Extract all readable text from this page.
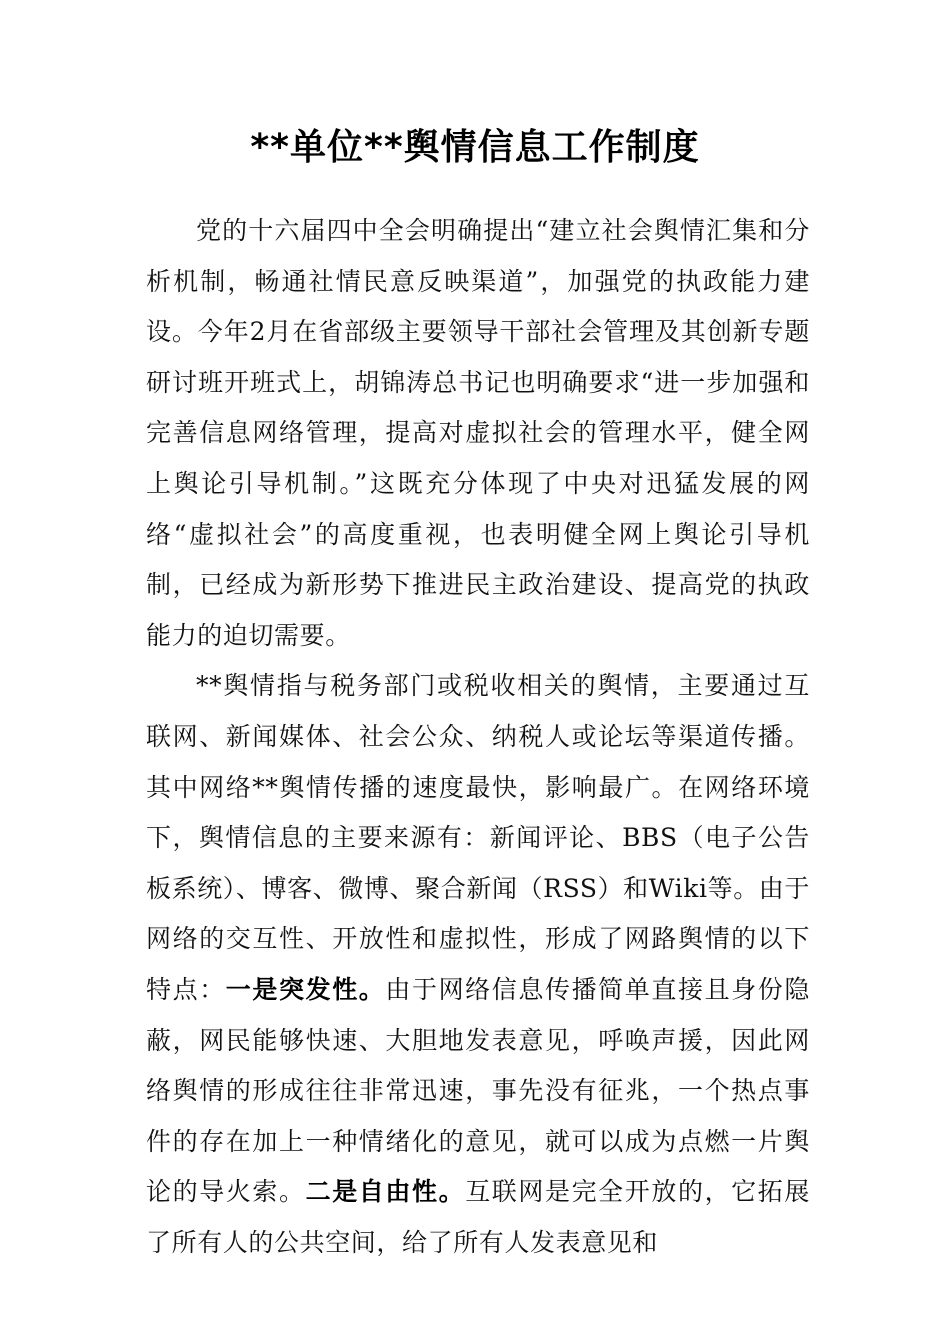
**单位**舆情信息工作制度

党的十六届四中全会明确提出“建立社会舆情汇集和分析机制，畅通社情民意反映渠道”，加强党的执政能力建设。今年2月在省部级主要领导干部社会管理及其创新专题研讨班开班式上，胡锦涛总书记也明确要求“进一步加强和完善信息网络管理，提高对虚拟社会的管理水平，健全网上舆论引导机制。”这既充分体现了中央对迅猛发展的网络“虚拟社会”的高度重视，也表明健全网上舆论引导机制，已经成为新形势下推进民主政治建设、提高党的执政能力的迫切需要。

**舆情指与税务部门或税收相关的舆情，主要通过互联网、新闻媒体、社会公众、纳税人或论坛等渠道传播。其中网络**舆情传播的速度最快，影响最广。在网络环境下，舆情信息的主要来源有：新闻评论、BBS（电子公告板系统）、博客、微博、聚合新闻（RSS）和Wiki等。由于网络的交互性、开放性和虚拟性，形成了网路舆情的以下特点：一是突发性。由于网络信息传播简单直接且身份隐蔽，网民能够快速、大胆地发表意见，呼唤声援，因此网络舆情的形成往往非常迅速，事先没有征兆，一个热点事件的存在加上一种情绪化的意见，就可以成为点燃一片舆论的导火索。二是自由性。互联网是完全开放的，它拓展了所有人的公共空间，给了所有人发表意见和
